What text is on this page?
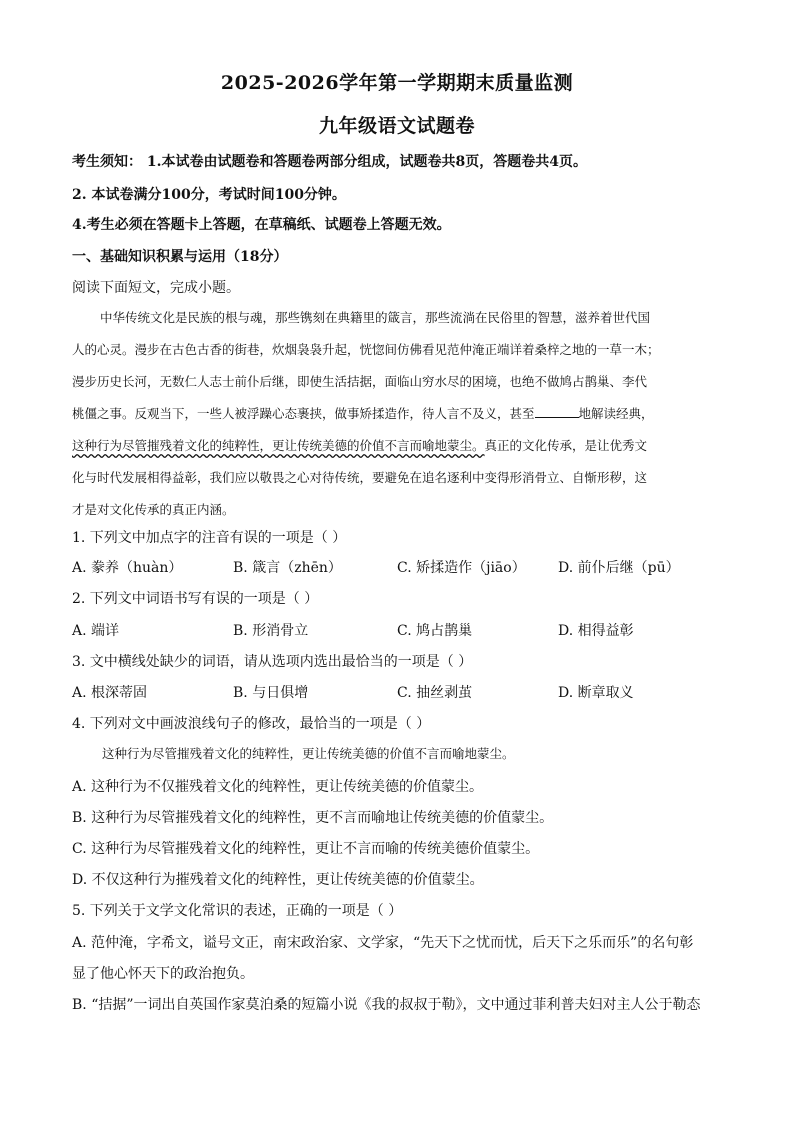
2025-2026学年第一学期期末质量监测
九年级语文试题卷
考生须知： 1.本试卷由试题卷和答题卷两部分组成，试题卷共8页，答题卷共4页。
2. 本试卷满分100分，考试时间100分钟。
4.考生必须在答题卡上答题，在草稿纸、试题卷上答题无效。
一、基础知识积累与运用（18分）
阅读下面短文，完成小题。
中华传统文化是民族的根与魂，那些镌刻在典籍里的箴言，那些流淌在民俗里的智慧，滋养着世代国
人的心灵。漫步在古色古香的街巷，炊烟袅袅升起，恍惚间仿佛看见范仲淹正端详着桑梓之地的一草一木；
漫步历史长河，无数仁人志士前仆后继，即使生活拮据，面临山穷水尽的困境，也绝不做鸠占鹊巢、李代
桃僵之事。反观当下，一些人被浮躁心态裹挟，做事矫揉造作，待人言不及义，甚至	地解读经典，
这种行为尽管摧残着文化的纯粹性，更让传统美德的价值不言而喻地蒙尘。真正的文化传承，是让优秀文
化与时代发展相得益彰，我们应以敬畏之心对待传统，要避免在追名逐利中变得形消骨立、自惭形秽，这
才是对文化传承的真正内涵。
1. 下列文中加点字的注音有误的一项是（ ）
A. 豢养（huàn）	B. 箴言（zhēn）	C. 矫揉造作（jiāo） D. 前仆后继（pū）
2. 下列文中词语书写有误的一项是（ ）
A. 端详	B. 形消骨立	C. 鸠占鹊巢	D. 相得益彰
3. 文中横线处缺少的词语，请从选项内选出最恰当的一项是（ ）
A. 根深蒂固	B. 与日俱增	C. 抽丝剥茧	D. 断章取义
4. 下列对文中画波浪线句子的修改，最恰当的一项是（ ）
这种行为尽管摧残着文化的纯粹性，更让传统美德的价值不言而喻地蒙尘。
A. 这种行为不仅摧残着文化的纯粹性，更让传统美德的价值蒙尘。
B. 这种行为尽管摧残着文化的纯粹性，更不言而喻地让传统美德的价值蒙尘。
C. 这种行为尽管摧残着文化的纯粹性，更让不言而喻的传统美德价值蒙尘。
D. 不仅这种行为摧残着文化的纯粹性，更让传统美德的价值蒙尘。
5. 下列关于文学文化常识的表述，正确的一项是（ ）
A. 范仲淹，字希文，谥号文正，南宋政治家、文学家，“先天下之忧而忧，后天下之乐而乐”的名句彰
显了他心怀天下的政治抱负。
B. “拮据”一词出自英国作家莫泊桑的短篇小说《我的叔叔于勒》，文中通过菲利普夫妇对主人公于勒态
